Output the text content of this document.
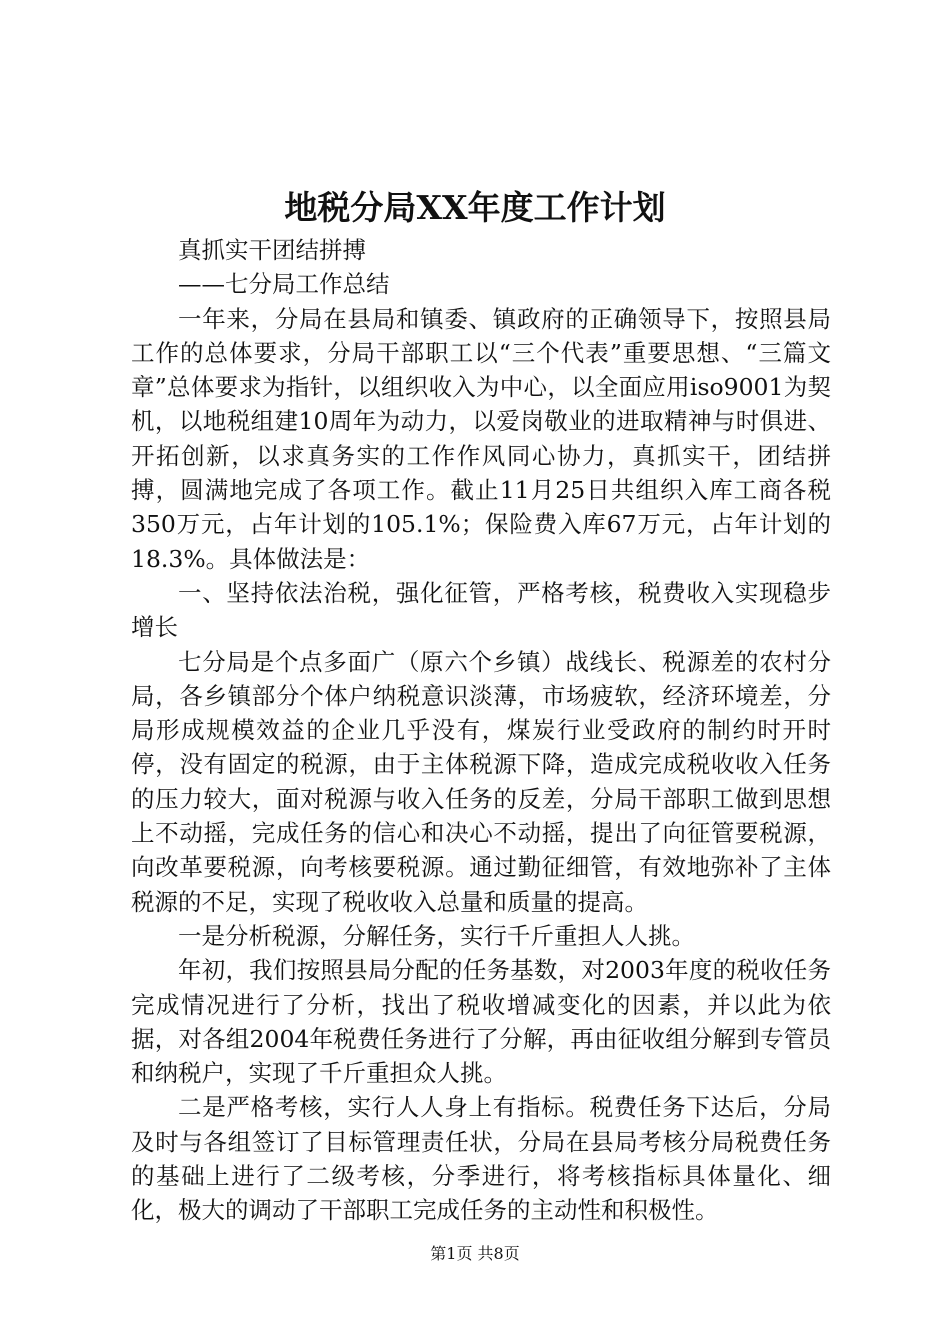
地税分局XX年度工作计划

真抓实干团结拼搏

——七分局工作总结

一年来，分局在县局和镇委、镇政府的正确领导下，按照县局工作的总体要求，分局干部职工以“三个代表”重要思想、“三篇文章”总体要求为指针，以组织收入为中心，以全面应用iso9001为契机，以地税组建10周年为动力，以爱岗敬业的进取精神与时俱进、开拓创新，以求真务实的工作作风同心协力，真抓实干，团结拼搏，圆满地完成了各项工作。截止11月25日共组织入库工商各税350万元，占年计划的105.1%；保险费入库67万元，占年计划的18.3%。具体做法是：

一、坚持依法治税，强化征管，严格考核，税费收入实现稳步增长

七分局是个点多面广（原六个乡镇）战线长、税源差的农村分局，各乡镇部分个体户纳税意识淡薄，市场疲软，经济环境差，分局形成规模效益的企业几乎没有，煤炭行业受政府的制约时开时停，没有固定的税源，由于主体税源下降，造成完成税收收入任务的压力较大，面对税源与收入任务的反差，分局干部职工做到思想上不动摇，完成任务的信心和决心不动摇，提出了向征管要税源，向改革要税源，向考核要税源。通过勤征细管，有效地弥补了主体税源的不足，实现了税收收入总量和质量的提高。

一是分析税源，分解任务，实行千斤重担人人挑。

年初，我们按照县局分配的任务基数，对2003年度的税收任务完成情况进行了分析，找出了税收增减变化的因素，并以此为依据，对各组2004年税费任务进行了分解，再由征收组分解到专管员和纳税户，实现了千斤重担众人挑。

二是严格考核，实行人人身上有指标。税费任务下达后，分局及时与各组签订了目标管理责任状，分局在县局考核分局税费任务的基础上进行了二级考核，分季进行，将考核指标具体量化、细化，极大的调动了干部职工完成任务的主动性和积极性。

第1页 共8页
